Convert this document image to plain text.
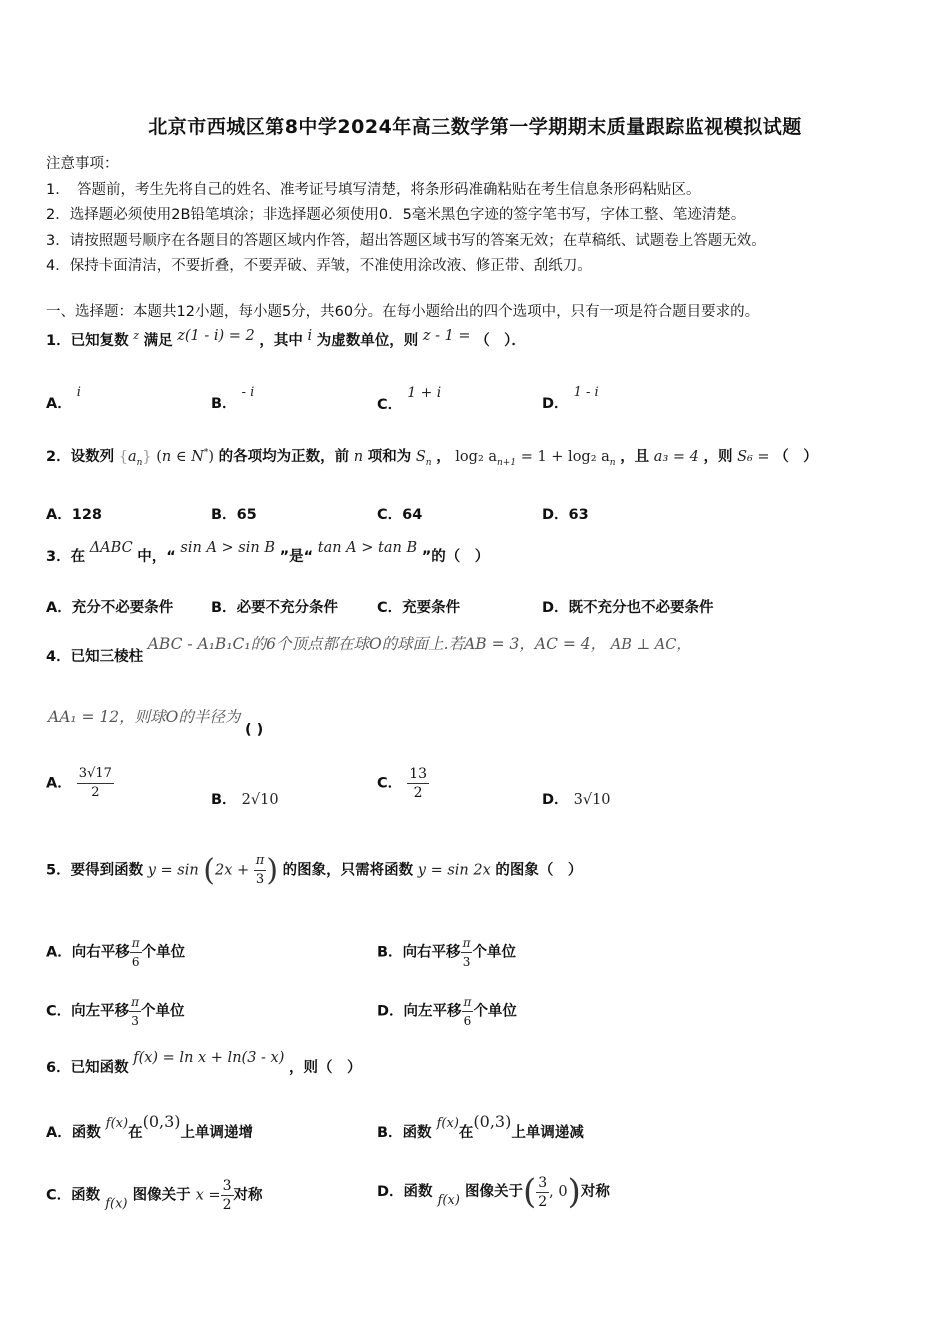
北京市西城区第8中学2024年高三数学第一学期期末质量跟踪监视模拟试题
注意事项：
1．　答题前，考生先将自己的姓名、准考证号填写清楚，将条形码准确粘贴在考生信息条形码粘贴区。
2．选择题必须使用2B铅笔填涂；非选择题必须使用0．5毫米黑色字迹的签字笔书写，字体工整、笔迹清楚。
3．请按照题号顺序在各题目的答题区域内作答，超出答题区域书写的答案无效；在草稿纸、试题卷上答题无效。
4．保持卡面清洁，不要折叠，不要弄破、弄皱，不准使用涂改液、修正带、刮纸刀。
一、选择题：本题共12小题，每小题5分，共60分。在每小题给出的四个选项中，只有一项是符合题目要求的。
1．已知复数 $^z$ 满足 z(1 - i) = 2 ，其中 i 为虚数单位，则 z - 1 = （　）．
A． i
B． - i
C． 1 + i
D． 1 - i
2．设数列 $\{a_n\}$ (n ∈ N*) 的各项均为正数，前 n 项和为 $S_n$ ， log₂ $a_{n+1} = 1 + \log_2$ $a_n$ ，且 a₃ = 4 ，则 S₆ = （　）
A．128	B．65	C．64	D．63
3．在 ΔABC 中，“ sin A > sin B ”是“ tan A > tan B ”的（　）
A．充分不必要条件	B．必要不充分条件	C．充要条件	D．既不充分也不必要条件
4．已知三棱柱 ABC - A₁B₁C₁的6个顶点都在球O的球面上.若AB = 3，AC = 4， AB ⊥ AC，
AA₁ = 12，则球O的半径为 ( )
A． $\frac{3√17}{2}$	B． 2√10
C． $\frac{13}{2}$	D． 3√10
5．要得到函数 $y = \sin (2x + \frac{\pi}{3}$ ) 的图象，只需将函数 y = sin 2x 的图象（　）
A．向右平移 $\frac{\pi}{6}$ 个单位	B．向右平移 $\frac{\pi}{3}$ 个单位
C．向左平移 $\frac{\pi}{3}$ 个单位	D．向左平移 $\frac{\pi}{6}$ 个单位
6．已知函数 f(x) = ln x + ln(3 - x) ，则（　）
A．函数 f(x)在(0,3)上单调递增	B．函数 f(x)在(0,3)上单调递减
C．函数 f(x) 图像关于 $x = \frac{3}{2}$ 对称	D．函数 f(x) 图像关于( $\frac{3}{2}$ , 0)对称
